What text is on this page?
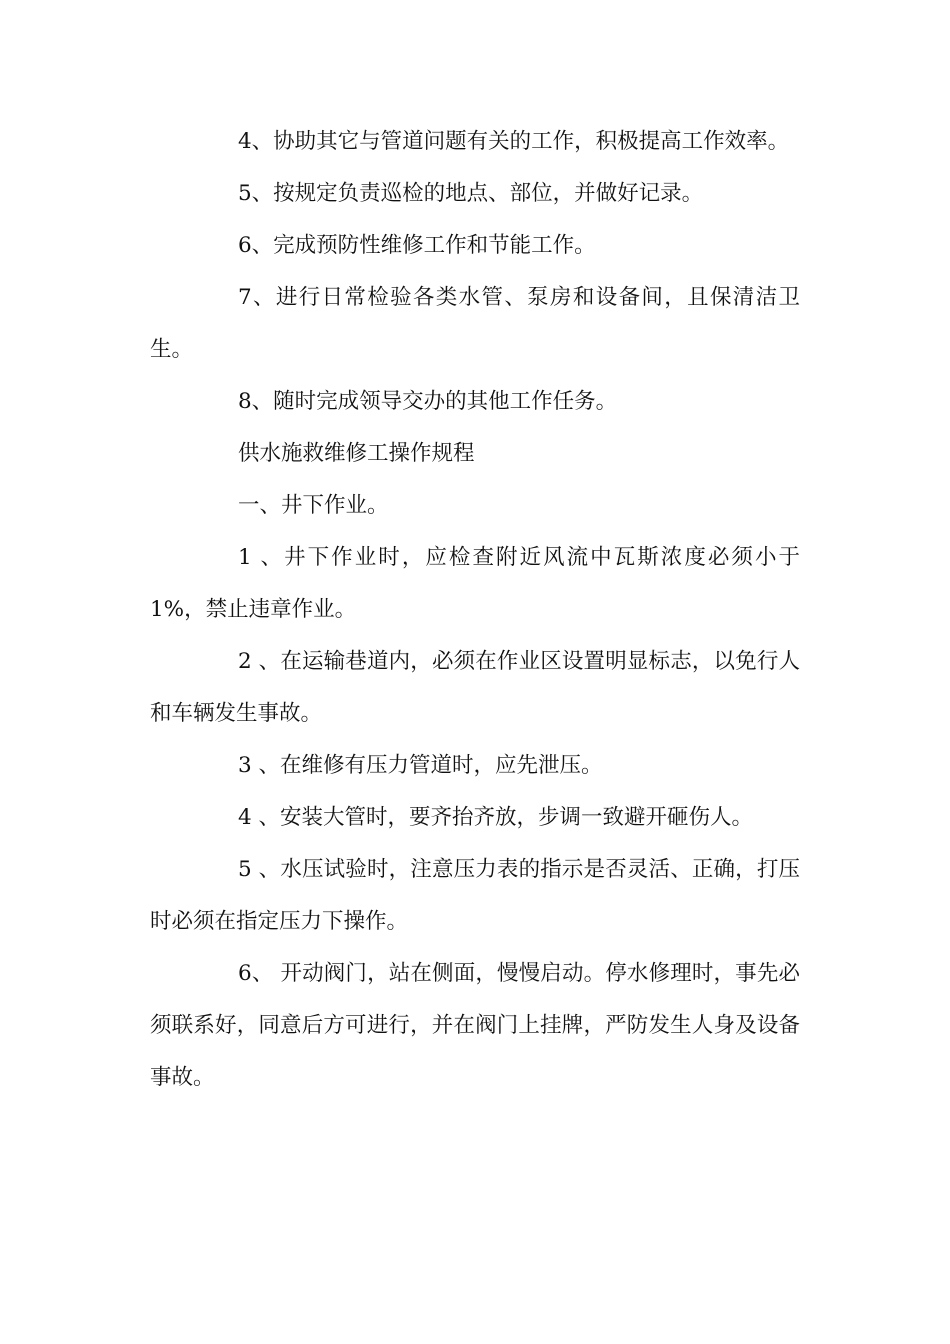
4、协助其它与管道问题有关的工作，积极提高工作效率。

5、按规定负责巡检的地点、部位，并做好记录。

6、完成预防性维修工作和节能工作。

7、进行日常检验各类水管、泵房和设备间，且保清洁卫生。

8、随时完成领导交办的其他工作任务。

供水施救维修工操作规程

一、井下作业。

1 、井下作业时，应检查附近风流中瓦斯浓度必须小于1%，禁止违章作业。

2 、在运输巷道内，必须在作业区设置明显标志，以免行人和车辆发生事故。

3 、在维修有压力管道时，应先泄压。

4 、安装大管时，要齐抬齐放，步调一致避开砸伤人。

5 、水压试验时，注意压力表的指示是否灵活、正确，打压时必须在指定压力下操作。

6、 开动阀门，站在侧面，慢慢启动。停水修理时，事先必须联系好，同意后方可进行，并在阀门上挂牌，严防发生人身及设备事故。
